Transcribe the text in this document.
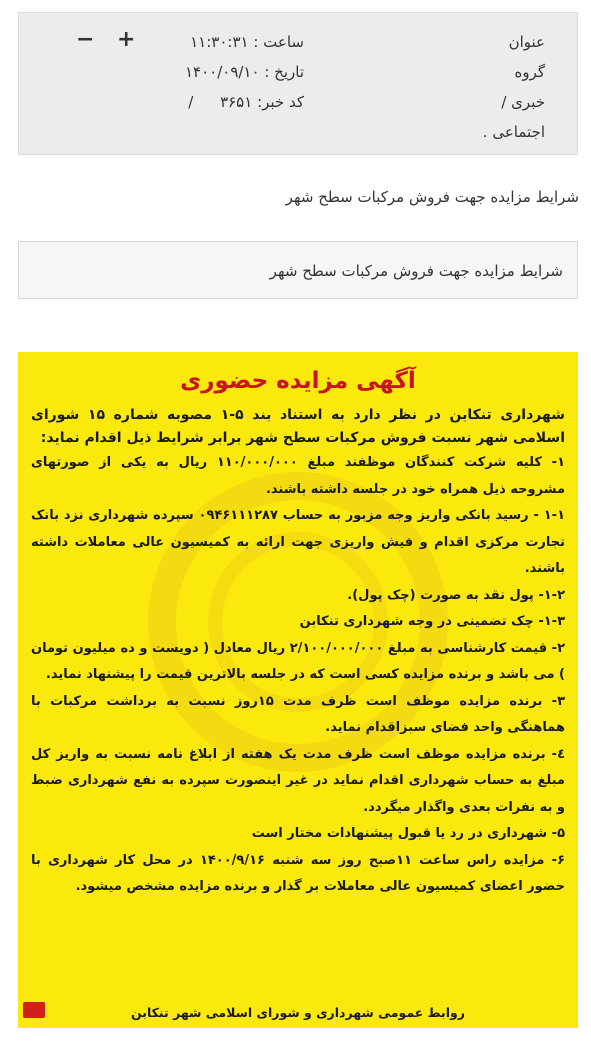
عنوان
گروه
خبری /
اجتماعی .
ساعت : ۱۱:۳۰:۳۱
تاریخ : ۱۴۰۰/۰۹/۱۰
کد خبر: ۳۶۵۱ /
+
−
شرایط مزایده جهت فروش مرکبات سطح شهر
شرایط مزایده جهت فروش مرکبات سطح شهر
آگهی مزایده حضوری

شهرداری تنکابن در نظر دارد به استناد بند ۵-۱ مصوبه شماره ۱۵ شورای اسلامی شهر نسبت فروش مرکبات سطح شهر برابر شرایط ذیل اقدام نماید:

۱- کلیه شرکت کنندگان موظفند مبلغ ۱۱۰/۰۰۰/۰۰۰ ریال به یکی از صورتهای مشروحه ذیل همراه خود در جلسه داشته باشند.

۱-۱ - رسید بانکی واریز وجه مزبور به حساب ۰۹۴۶۱۱۱۲۸۷ سپرده شهرداری نزد بانک تجارت مرکزی اقدام و فیش واریزی جهت ارائه به کمیسیون عالی معاملات داشته باشند.

۱-۲- پول نقد به صورت (چک پول).

۱-۳- چک تضمینی در وجه شهرداری تنکابن

۲- قیمت کارشناسی به مبلغ ۲/۱۰۰/۰۰۰/۰۰۰ ریال معادل ( دویست و ده میلیون تومان ) می باشد و برنده مزایده کسی است که در جلسه بالاترین قیمت را پیشنهاد نماید.

۳- برنده مزایده موظف است ظرف مدت ۱۵روز نسبت به برداشت مرکبات با هماهنگی واحد فضای سبزاقدام نماید.

٤- برنده مزایده موظف است ظرف مدت یک هفته از ابلاغ نامه نسبت به واریز کل مبلغ به حساب شهرداری اقدام نماید در غیر اینصورت سپرده به نفع شهرداری ضبط و به نفرات بعدی واگذار میگردد.

۵- شهرداری در رد یا قبول پیشنهادات مختار است

۶- مزایده راس ساعت ۱۱صبح روز سه شنبه ۱۴۰۰/۹/۱۶ در محل کار شهرداری با حضور اعضای کمیسیون عالی معاملات بر گذار و برنده مزایده مشخص میشود.

روابط عمومی شهرداری و شورای اسلامی شهر تنکابن
